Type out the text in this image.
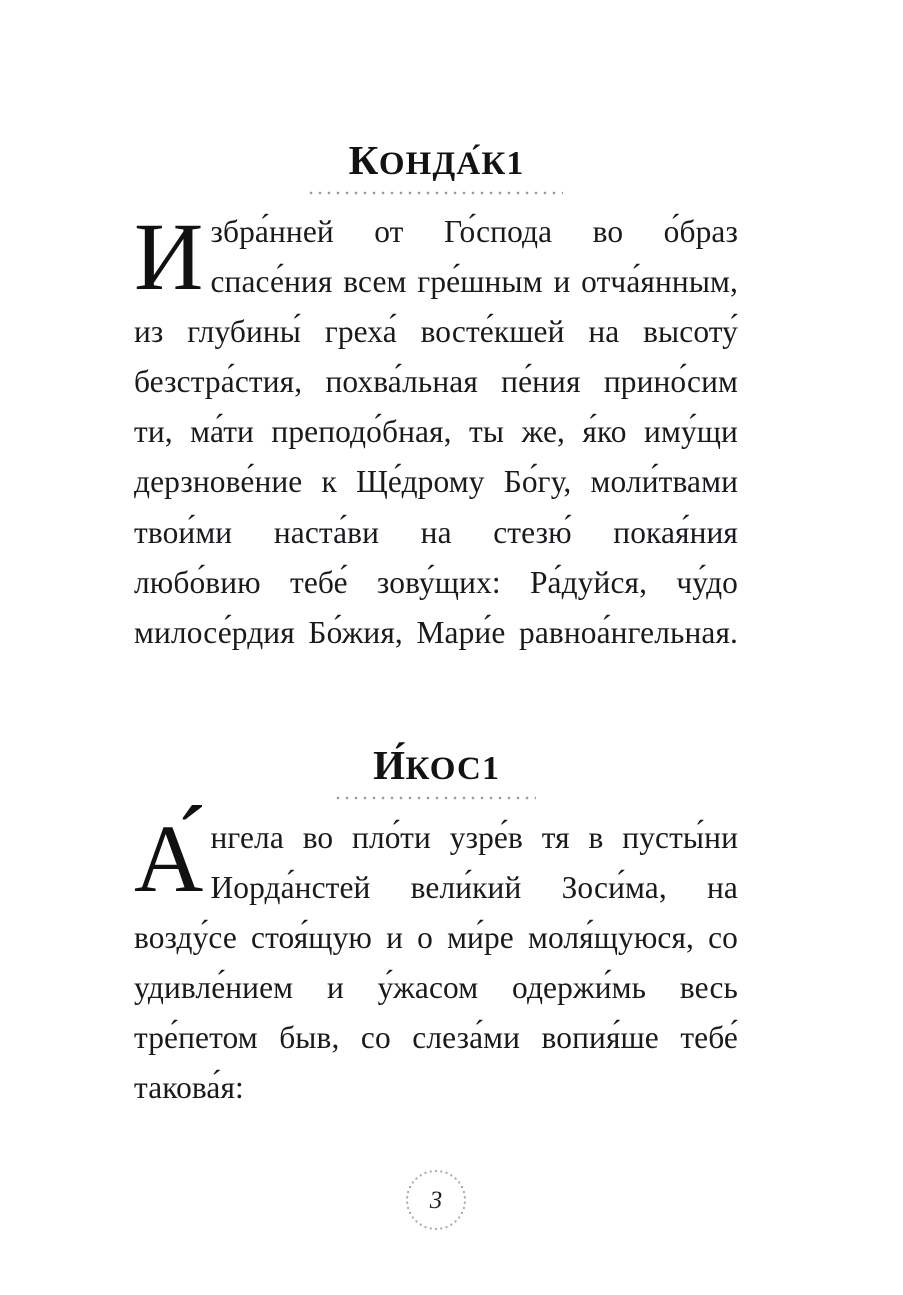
КОНДА́К1
Избра́нней от Го́спода во о́браз спасе́ния всем гре́шным и отча́янным, из глубины́ греха́ восте́кшей на высоту́ безстра́стия, похва́льная пе́ния прино́сим ти, ма́ти преподо́бная, ты же, я́ко иму́щи дерзнове́ние к Ще́дрому Бо́гу, моли́твами твои́ми наста́ви на стезю́ покая́ния любо́вию тебе́ зову́щих: Ра́дуйся, чу́до милосе́рдия Бо́жия, Мари́е равноа́нгельная.
И́КОС1
А́нгела во пло́ти узре́в тя в пусты́ни Иорда́нстей вели́кий Зоси́ма, на возду́се стоя́щую и о ми́ре моля́щуюся, со удивле́нием и у́жасом одержи́мь весь тре́петом быв, со слеза́ми вопия́ше тебе́ такова́я:
3
